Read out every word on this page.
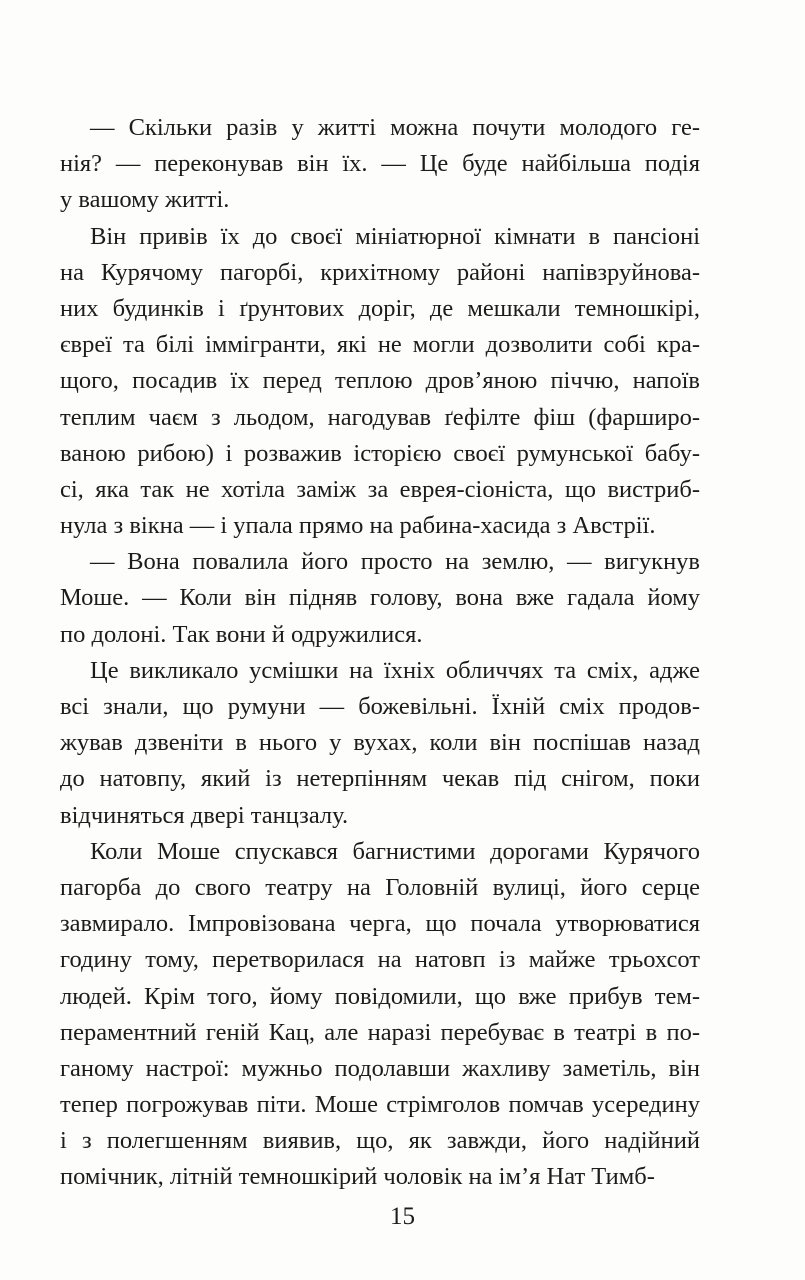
— Скільки разів у житті можна почути молодого ге-
нія? — переконував він їх. — Це буде найбільша подія
у вашому житті.
Він привів їх до своєї мініатюрної кімнати в пансіоні
на Курячому пагорбі, крихітному районі напівзруйнова-
них будинків і ґрунтових доріг, де мешкали темношкірі,
євреї та білі іммігранти, які не могли дозволити собі кра-
щого, посадив їх перед теплою дров’яною піччю, напоїв
теплим чаєм з льодом, нагодував ґефілте фіш (фарширо-
ваною рибою) і розважив історією своєї румунської бабу-
сі, яка так не хотіла заміж за еврея-сіоніста, що вистриб-
нула з вікна — і упала прямо на рабина-хасида з Австрії.
— Вона повалила його просто на землю, — вигукнув
Моше. — Коли він підняв голову, вона вже гадала йому
по долоні. Так вони й одружилися.
Це викликало усмішки на їхніх обличчях та сміх, адже
всі знали, що румуни — божевільні. Їхній сміх продов-
жував дзвеніти в нього у вухах, коли він поспішав назад
до натовпу, який із нетерпінням чекав під снігом, поки
відчиняться двері танцзалу.
Коли Моше спускався багнистими дорогами Курячого
пагорба до свого театру на Головній вулиці, його серце
завмирало. Імпровізована черга, що почала утворюватися
годину тому, перетворилася на натовп із майже трьохсот
людей. Крім того, йому повідомили, що вже прибув тем-
пераментний геній Кац, але наразі перебуває в театрі в по-
ганому настрої: мужньо подолавши жахливу заметіль, він
тепер погрожував піти. Моше стрімголов помчав усередину
і з полегшенням виявив, що, як завжди, його надійний
помічник, літній темношкірий чоловік на ім’я Нат Тимб-
15
